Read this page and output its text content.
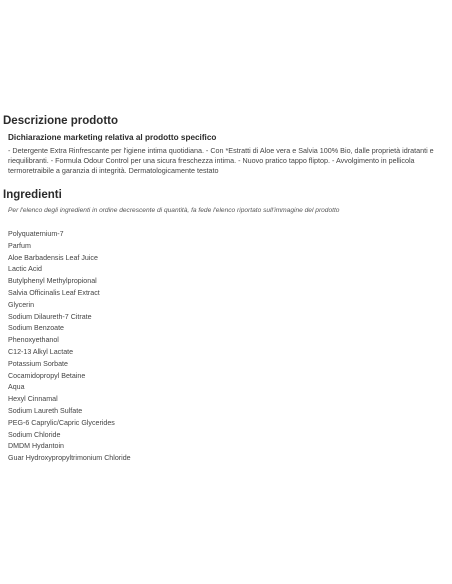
Descrizione prodotto
Dichiarazione marketing relativa al prodotto specifico

- Detergente Extra Rinfrescante per l'igiene intima quotidiana. - Con *Estratti di Aloe vera e Salvia 100% Bio, dalle proprietà idratanti e riequilibranti. - Formula Odour Control per una sicura freschezza intima. - Nuovo pratico tappo fliptop. - Avvolgimento in pellicola termoretraibile a garanzia di integrità. Dermatologicamente testato

Ingredienti
Per l'elenco degli ingredienti in ordine decrescente di quantità, fa fede l'elenco riportato sull'immagine del prodotto
Polyquaternium-7
Parfum
Aloe Barbadensis Leaf Juice
Lactic Acid
Butylphenyl Methylpropional
Salvia Officinalis Leaf Extract
Glycerin
Sodium Dilaureth-7 Citrate
Sodium Benzoate
Phenoxyethanol
C12-13 Alkyl Lactate
Potassium Sorbate
Cocamidopropyl Betaine
Aqua
Hexyl Cinnamal
Sodium Laureth Sulfate
PEG-6 Caprylic/Capric Glycerides
Sodium Chloride
DMDM Hydantoin
Guar Hydroxypropyltrimonium Chloride
